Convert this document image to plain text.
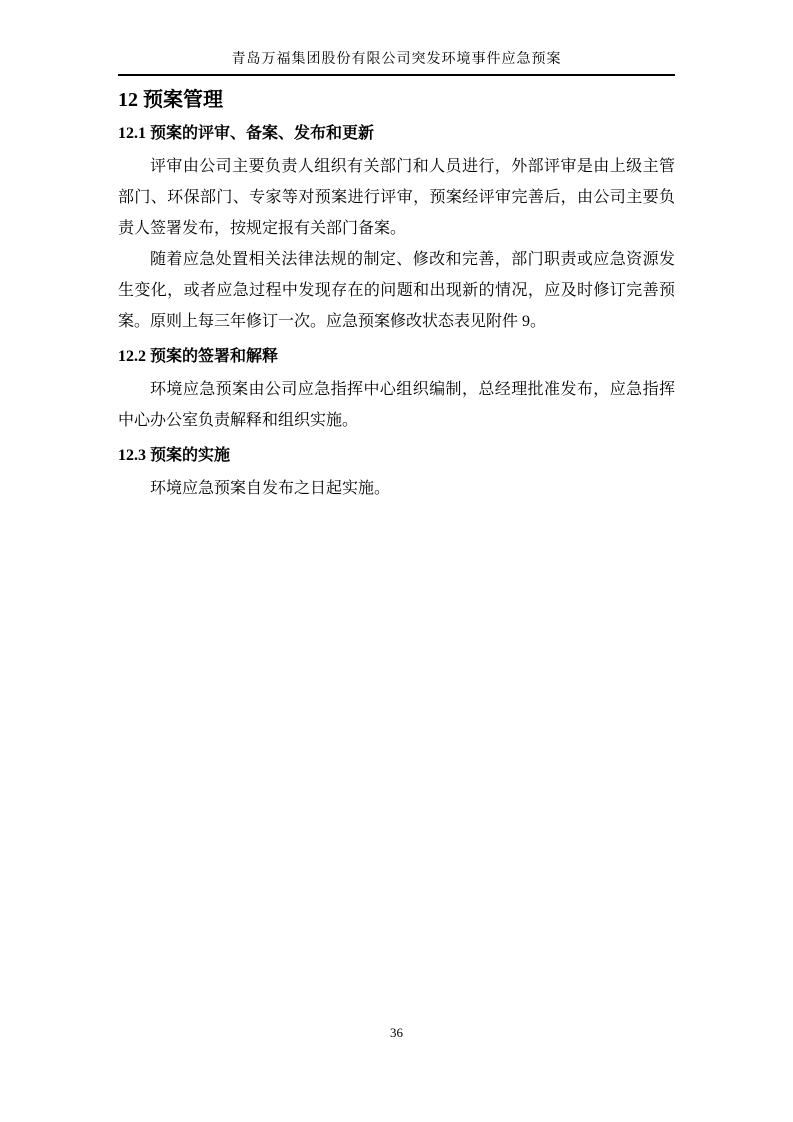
青岛万福集团股份有限公司突发环境事件应急预案
12 预案管理
12.1 预案的评审、备案、发布和更新

评审由公司主要负责人组织有关部门和人员进行，外部评审是由上级主管部门、环保部门、专家等对预案进行评审，预案经评审完善后，由公司主要负责人签署发布，按规定报有关部门备案。

随着应急处置相关法律法规的制定、修改和完善，部门职责或应急资源发生变化，或者应急过程中发现存在的问题和出现新的情况，应及时修订完善预案。原则上每三年修订一次。应急预案修改状态表见附件 9。

12.2 预案的签署和解释

环境应急预案由公司应急指挥中心组织编制，总经理批准发布，应急指挥中心办公室负责解释和组织实施。

12.3 预案的实施

环境应急预案自发布之日起实施。

36
